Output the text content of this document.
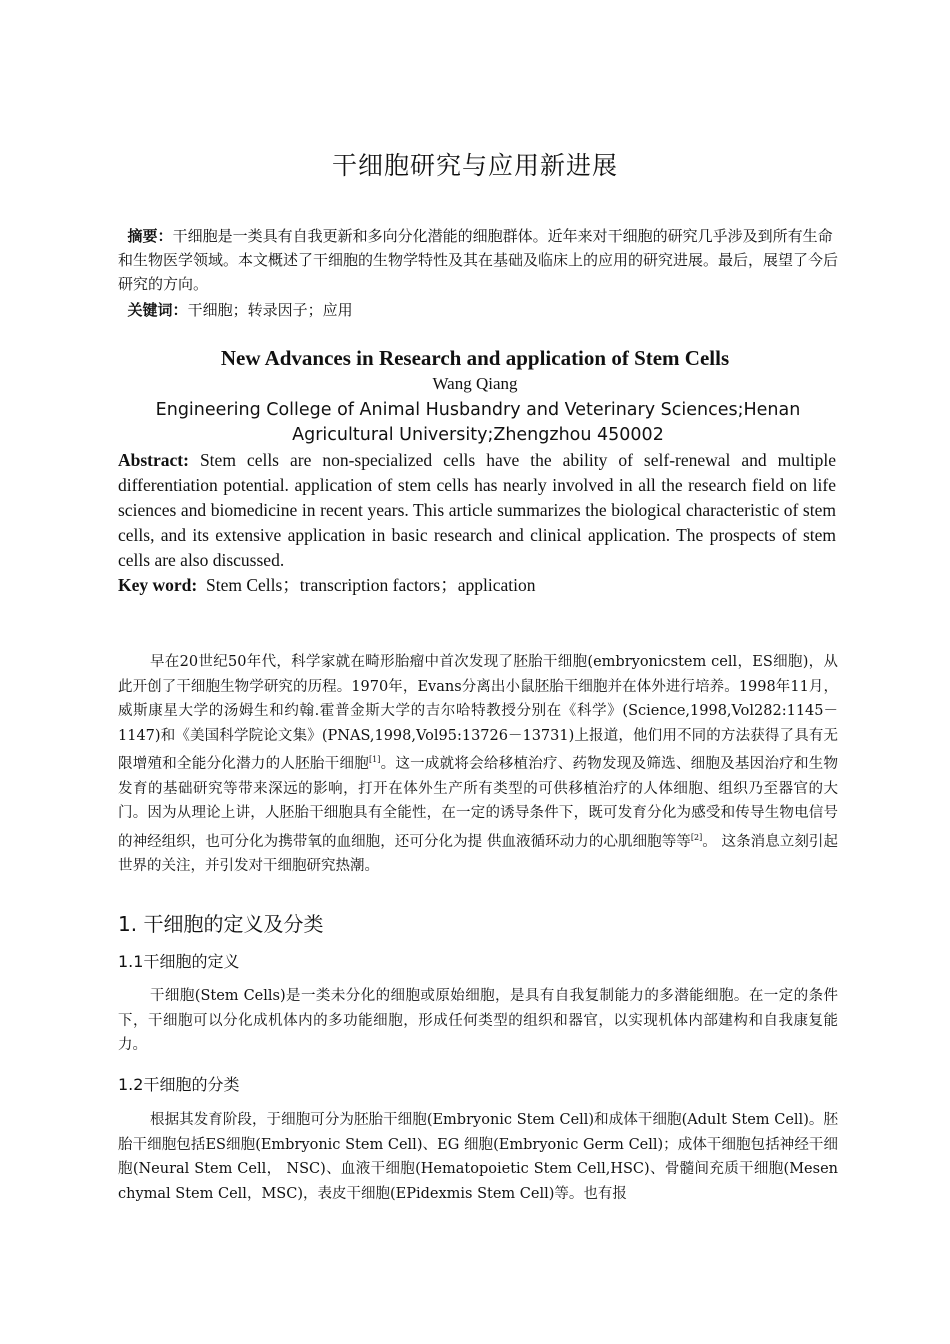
干细胞研究与应用新进展
摘要：干细胞是一类具有自我更新和多向分化潜能的细胞群体。近年来对干细胞的研究几乎涉及到所有生命和生物医学领域。本文概述了干细胞的生物学特性及其在基础及临床上的应用的研究进展。最后，展望了今后研究的方向。
关键词：干细胞；转录因子；应用
New Advances in Research and application of Stem Cells
Wang Qiang
Engineering College of Animal Husbandry and Veterinary Sciences;Henan Agricultural University;Zhengzhou 450002
Abstract: Stem cells are non-specialized cells have the ability of self-renewal and multiple differentiation potential. application of stem cells has nearly involved in all the research field on life sciences and biomedicine in recent years. This article summarizes the biological characteristic of stem cells, and its extensive application in basic research and clinical application. The prospects of stem cells are also discussed.
Key word: Stem Cells；transcription factors；application
早在20世纪50年代，科学家就在畸形胎瘤中首次发现了胚胎干细胞(embryonicstem cell，ES细胞)，从此开创了干细胞生物学研究的历程。1970年，Evans分离出小鼠胚胎干细胞并在体外进行培养。1998年11月，威斯康星大学的汤姆生和约翰.霍普金斯大学的吉尔哈特教授分别在《科学》(Science,1998,Vol282:1145－1147)和《美国科学院论文集》(PNAS,1998,Vol95:13726－13731)上报道，他们用不同的方法获得了具有无限增殖和全能分化潜力的人胚胎干细胞[1]。这一成就将会给移植治疗、药物发现及筛选、细胞及基因治疗和生物发育的基础研究等带来深远的影响，打开在体外生产所有类型的可供移植治疗的人体细胞、组织乃至器官的大门。因为从理论上讲，人胚胎干细胞具有全能性，在一定的诱导条件下，既可发育分化为感受和传导生物电信号的神经组织，也可分化为携带氧的血细胞，还可分化为提 供血液循环动力的心肌细胞等等[2]。 这条消息立刻引起世界的关注，并引发对干细胞研究热潮。
1. 干细胞的定义及分类
1.1干细胞的定义
干细胞(Stem Cells)是一类未分化的细胞或原始细胞，是具有自我复制能力的多潜能细胞。在一定的条件下，干细胞可以分化成机体内的多功能细胞，形成任何类型的组织和器官，以实现机体内部建构和自我康复能力。
1.2干细胞的分类
根据其发育阶段，于细胞可分为胚胎干细胞(Embryonic Stem Cell)和成体干细胞(Adult Stem Cell)。胚胎干细胞包括ES细胞(Embryonic Stem Cell)、EG 细胞(Embryonic Germ Cell)；成体干细胞包括神经干细胞(Neural Stem Cell， NSC)、血液干细胞(Hematopoietic Stem Cell,HSC)、骨髓间充质干细胞(Mesen chymal Stem Cell，MSC)，表皮干细胞(EPidexmis Stem Cell)等。也有报
